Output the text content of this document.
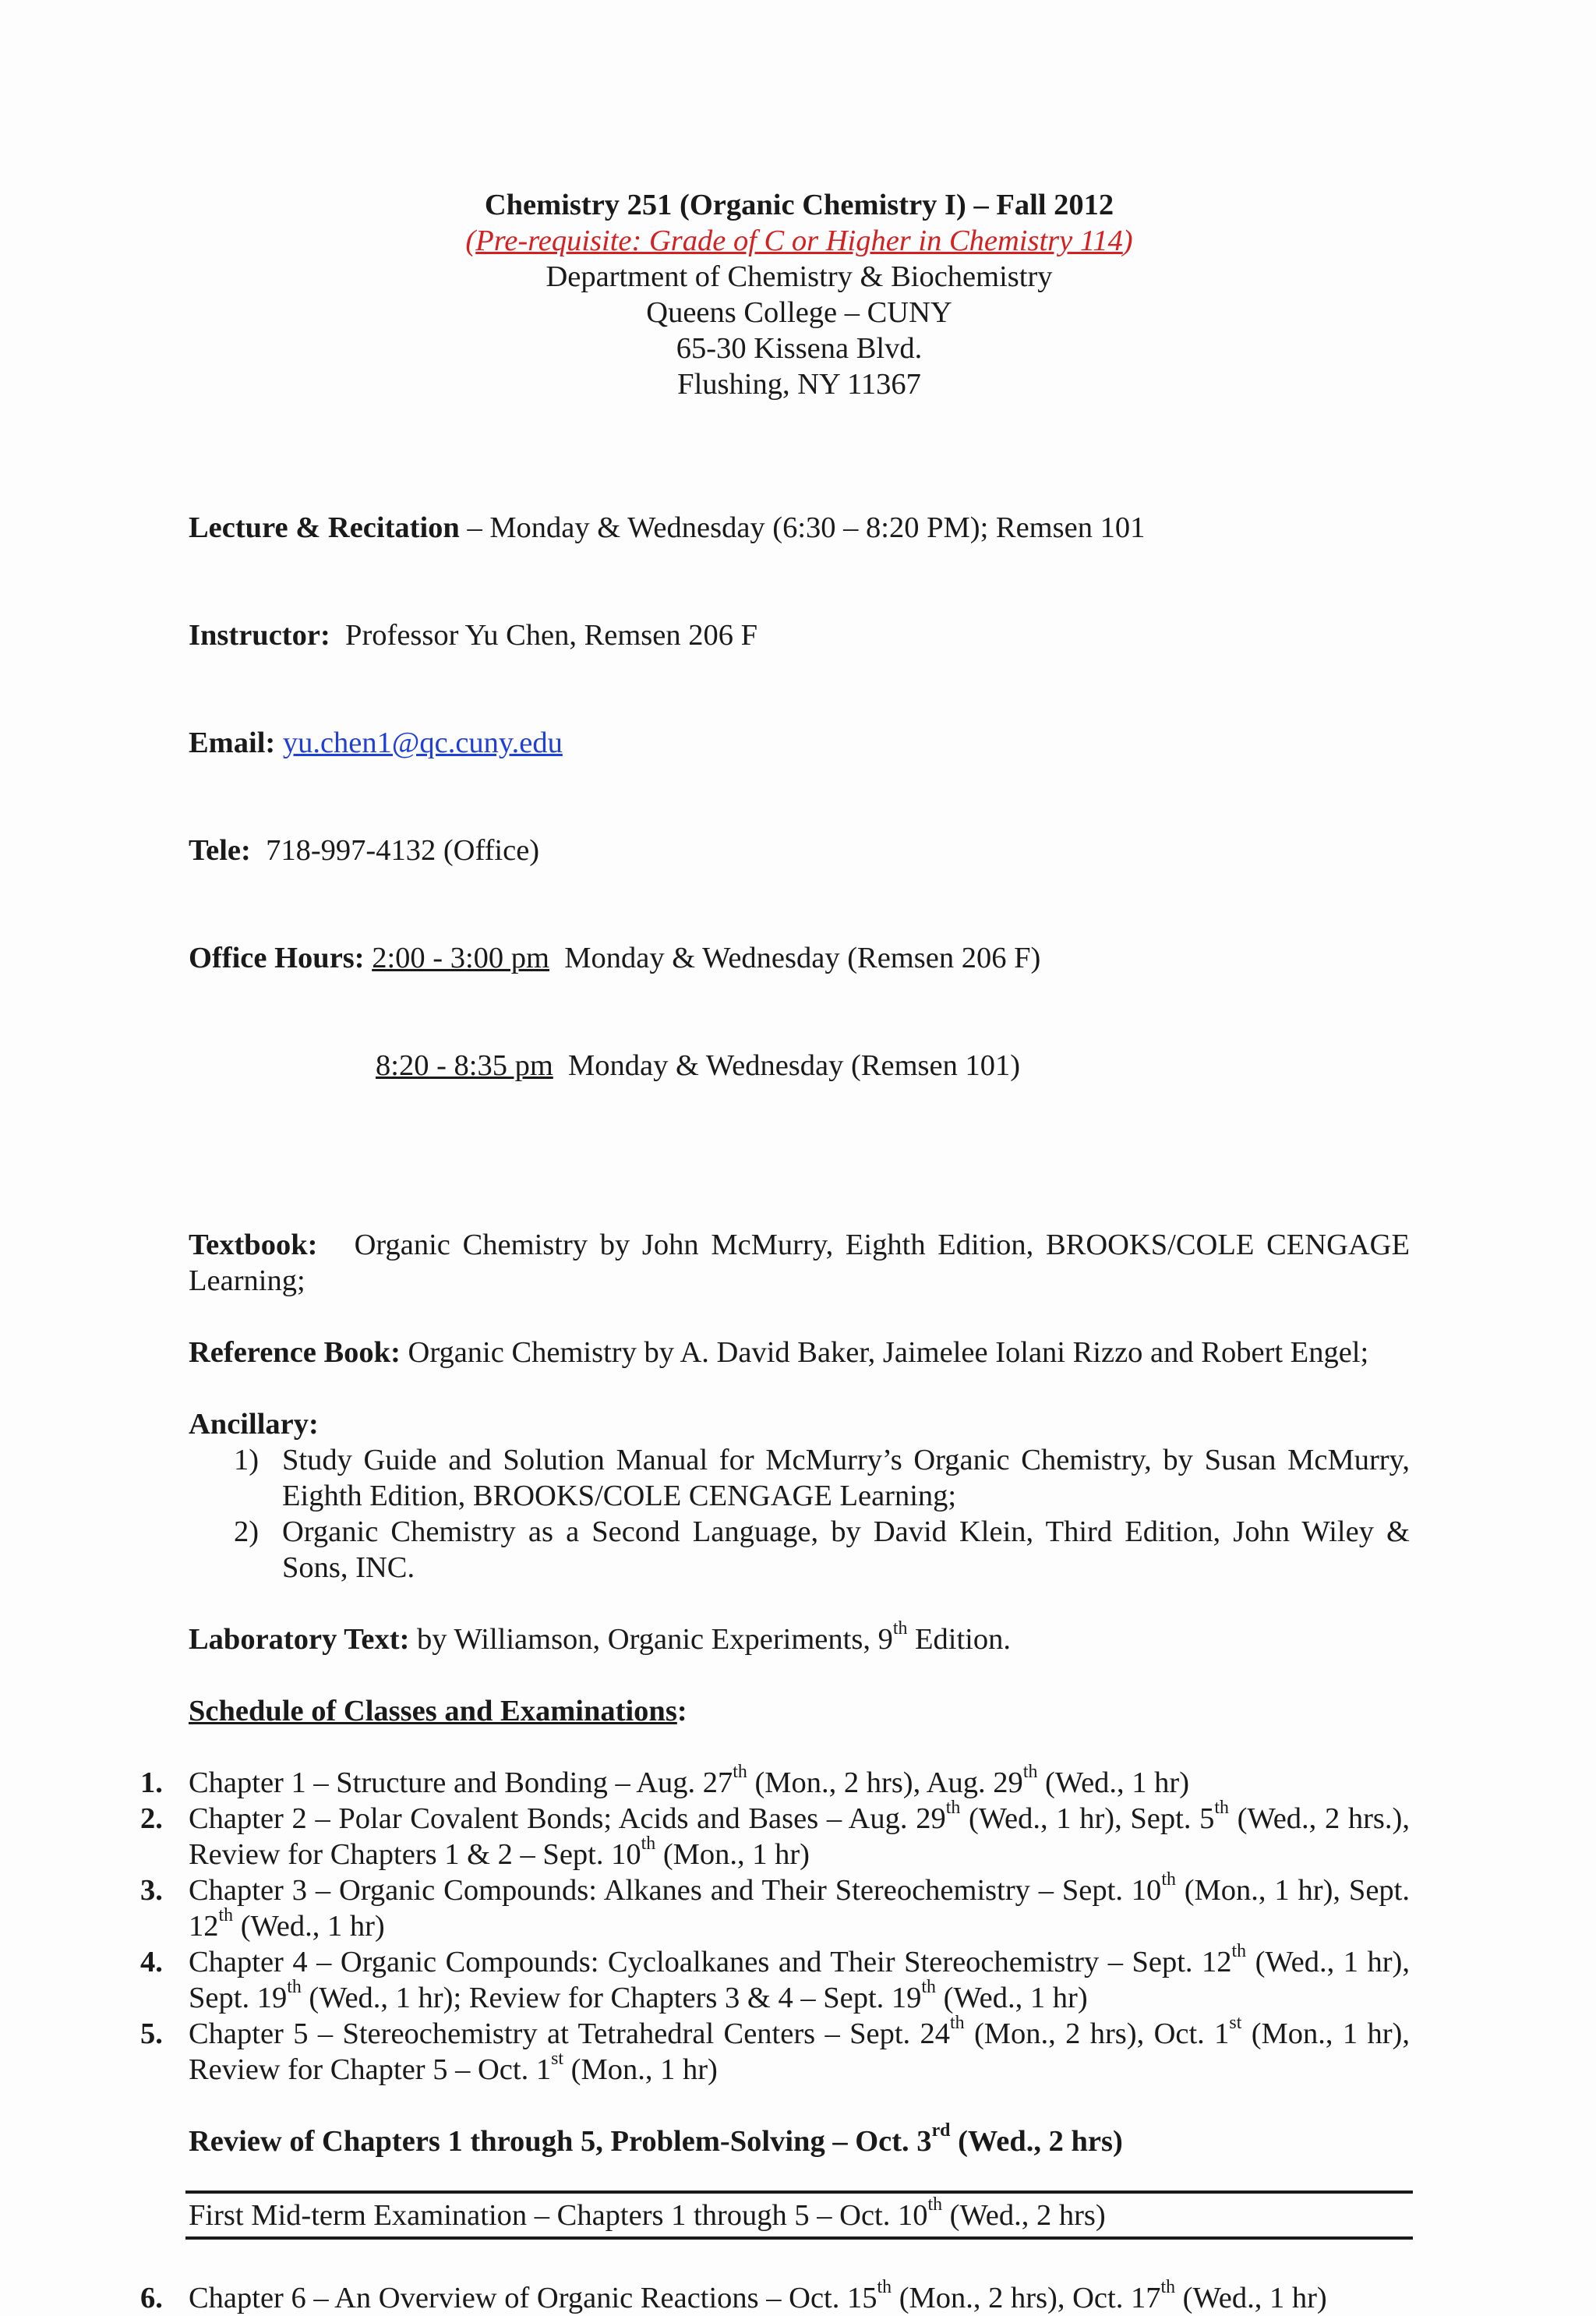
Chemistry 251 (Organic Chemistry I) – Fall 2012
(Pre-requisite: Grade of C or Higher in Chemistry 114)
Department of Chemistry & Biochemistry
Queens College – CUNY
65-30 Kissena Blvd.
Flushing, NY 11367

Lecture & Recitation – Monday & Wednesday (6:30 – 8:20 PM); Remsen 101

Instructor:  Professor Yu Chen, Remsen 206 F

Email: yu.chen1@qc.cuny.edu

Tele:  718-997-4132 (Office)

Office Hours: 2:00 - 3:00 pm  Monday & Wednesday (Remsen 206 F)

8:20 - 8:35 pm  Monday & Wednesday (Remsen 101)

Textbook: Organic Chemistry by John McMurry, Eighth Edition, BROOKS/COLE CENGAGE Learning;
Reference Book: Organic Chemistry by A. David Baker, Jaimelee Iolani Rizzo and Robert Engel;
Ancillary:
1) Study Guide and Solution Manual for McMurry’s Organic Chemistry, by Susan McMurry, Eighth Edition, BROOKS/COLE CENGAGE Learning;
2) Organic Chemistry as a Second Language, by David Klein, Third Edition, John Wiley & Sons, INC.
Laboratory Text: by Williamson, Organic Experiments, 9th Edition.
Schedule of Classes and Examinations:
1. Chapter 1 – Structure and Bonding – Aug. 27th (Mon., 2 hrs), Aug. 29th (Wed., 1 hr)
2. Chapter 2 – Polar Covalent Bonds; Acids and Bases – Aug. 29th (Wed., 1 hr), Sept. 5th (Wed., 2 hrs.), Review for Chapters 1 & 2 – Sept. 10th (Mon., 1 hr)
3. Chapter 3 – Organic Compounds: Alkanes and Their Stereochemistry – Sept. 10th (Mon., 1 hr), Sept. 12th (Wed., 1 hr)
4. Chapter 4 – Organic Compounds: Cycloalkanes and Their Stereochemistry – Sept. 12th (Wed., 1 hr), Sept. 19th (Wed., 1 hr); Review for Chapters 3 & 4 – Sept. 19th (Wed., 1 hr)
5. Chapter 5 – Stereochemistry at Tetrahedral Centers – Sept. 24th (Mon., 2 hrs), Oct. 1st (Mon., 1 hr), Review for Chapter 5 – Oct. 1st (Mon., 1 hr)
Review of Chapters 1 through 5, Problem-Solving – Oct. 3rd (Wed., 2 hrs)
First Mid-term Examination – Chapters 1 through 5 – Oct. 10th (Wed., 2 hrs)
6. Chapter 6 – An Overview of Organic Reactions – Oct. 15th (Mon., 2 hrs), Oct. 17th (Wed., 1 hr)
